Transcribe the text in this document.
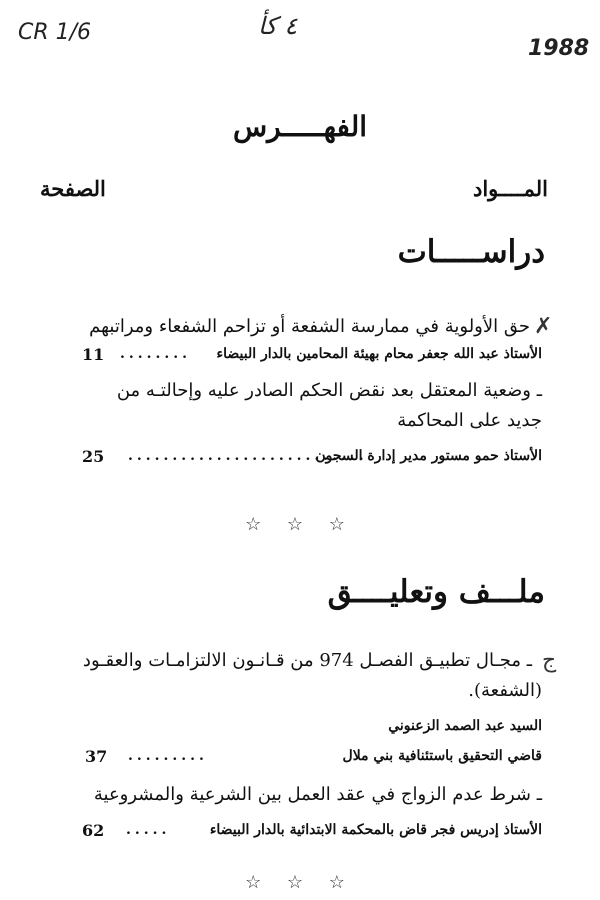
CR 1/6	٤ كأ
1988
الفهـــــرس
المــــواد
الصفحة
دراســـــات
✗
حق الأولوية في ممارسة الشفعة أو تزاحم الشفعاء ومراتبهم
الأستاذ عبد الله جعفر محام بهيئة المحامين بالدار البيضاء
........
11
ـ وضعية المعتقل بعد نقض الحكم الصادر عليه وإحالتـه من
جديد على المحاكمة
الأستاذ حمو مستور مدير إدارة السجون
...........................
25
☆ ☆ ☆
ملـــف وتعليــــق
ج
ـ مجـال تطبيـق الفصـل 974 من قـانـون الالتزامـات والعقـود
(الشفعة).
السيد عبد الصمد الزعنوني
قاضي التحقيق باستئنافية بني ملال
.........
37
ـ شرط عدم الزواج في عقد العمل بين الشرعية والمشروعية
الأستاذ إدريس فجر قاض بالمحكمة الابتدائية بالدار البيضاء
.....
62
☆ ☆ ☆
